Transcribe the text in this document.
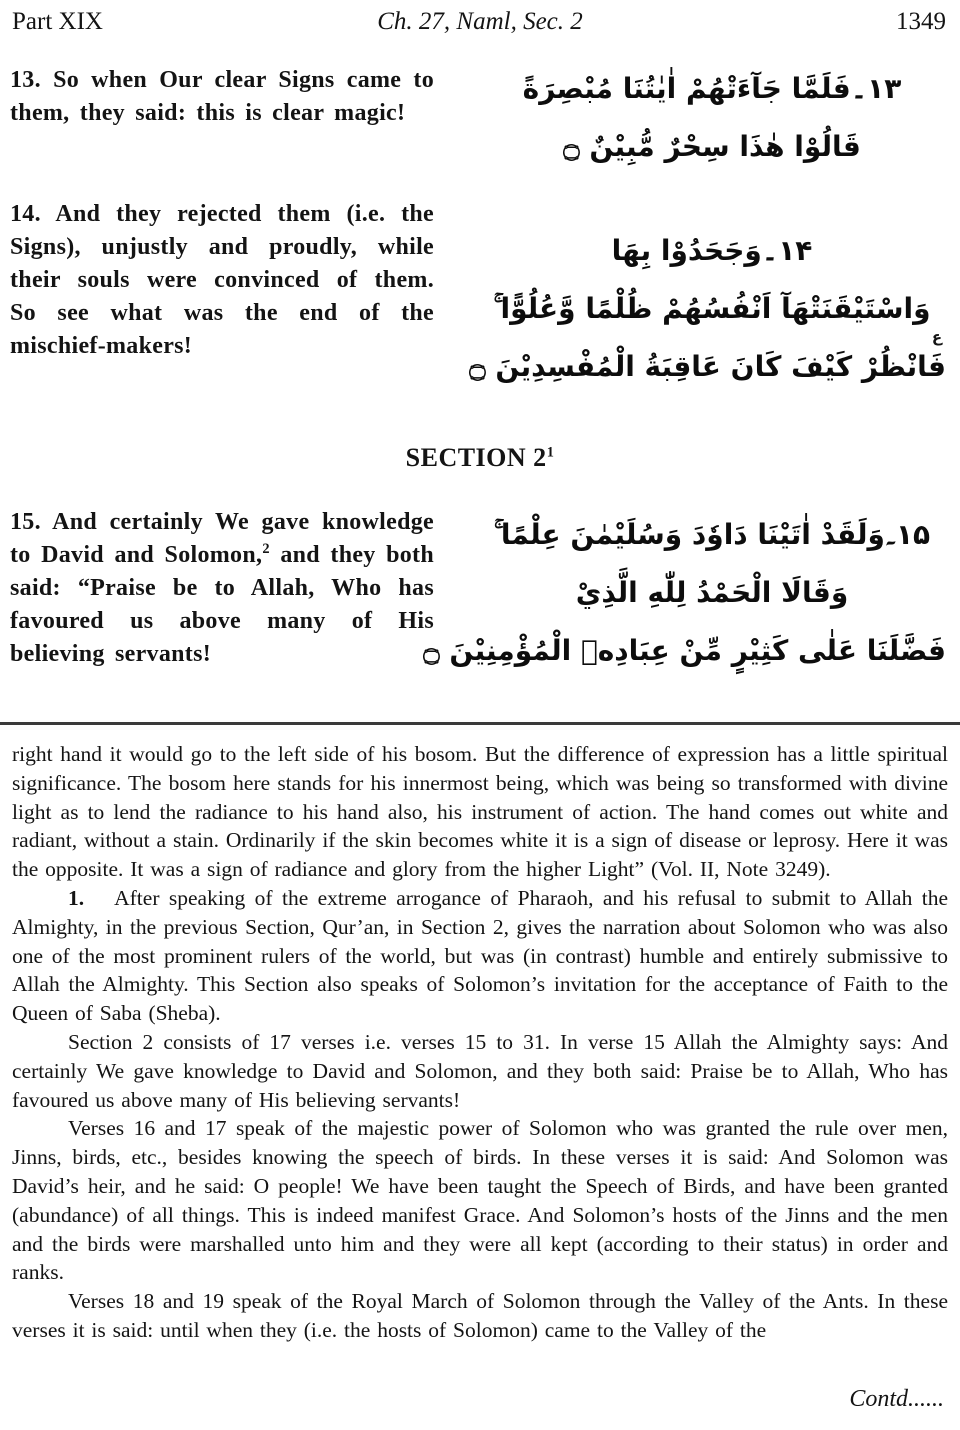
Part XIX	Ch. 27, Naml, Sec. 2	1349
13. So when Our clear Signs came to them, they said: this is clear magic!
۱۳۔فَلَمَّا جَآءَتْهُمْ اٰيٰتُنَا مُبْصِرَةً
قَالُوْا هٰذَا سِحْرٌ مُّبِيْنٌ ۝
14. And they rejected them (i.e. the Signs), unjustly and proudly, while their souls were convinced of them. So see what was the end of the mischief-makers!
۱۴۔وَجَحَدُوْا بِهَا
وَاسْتَيْقَنَتْهَآ اَنْفُسُهُمْ ظُلْمًا وَّعُلُوًّا ۚ
فَانْظُرْ كَيْفَ كَانَ عَاقِبَةُ الْمُفْسِدِيْنَ ۝
ع
SECTION $2^1$
15. And certainly We gave knowledge to David and Solomon,$^2$ and they both said: “Praise be to Allah, Who has favoured us above many of His believing servants!
۱۵۔وَلَقَدْ اٰتَيْنَا دَاوٗدَ وَسُلَيْمٰنَ عِلْمًا ۚ
وَقَالَا الْحَمْدُ لِلّٰهِ الَّذِيْ
فَضَّلَنَا عَلٰى كَثِيْرٍ مِّنْ عِبَادِهٖ الْمُؤْمِنِيْنَ ۝

right hand it would go to the left side of his bosom. But the difference of expression has a little spiritual significance. The bosom here stands for his innermost being, which was being so transformed with divine light as to lend the radiance to his hand also, his instrument of action. The hand comes out white and radiant, without a stain. Ordinarily if the skin becomes white it is a sign of disease or leprosy. Here it was the opposite. It was a sign of radiance and glory from the higher Light” (Vol. II, Note 3249).

1. After speaking of the extreme arrogance of Pharaoh, and his refusal to submit to Allah the Almighty, in the previous Section, Qur’an, in Section 2, gives the narration about Solomon who was also one of the most prominent rulers of the world, but was (in contrast) humble and entirely submissive to Allah the Almighty. This Section also speaks of Solomon’s invitation for the acceptance of Faith to the Queen of Saba (Sheba).

Section 2 consists of 17 verses i.e. verses 15 to 31. In verse 15 Allah the Almighty says: And certainly We gave knowledge to David and Solomon, and they both said: Praise be to Allah, Who has favoured us above many of His believing servants!

Verses 16 and 17 speak of the majestic power of Solomon who was granted the rule over men, Jinns, birds, etc., besides knowing the speech of birds. In these verses it is said: And Solomon was David’s heir, and he said: O people! We have been taught the Speech of Birds, and have been granted (abundance) of all things. This is indeed manifest Grace. And Solomon’s hosts of the Jinns and the men and the birds were marshalled unto him and they were all kept (according to their status) in order and ranks.

Verses 18 and 19 speak of the Royal March of Solomon through the Valley of the Ants. In these verses it is said: until when they (i.e. the hosts of Solomon) came to the Valley of the

Contd......
